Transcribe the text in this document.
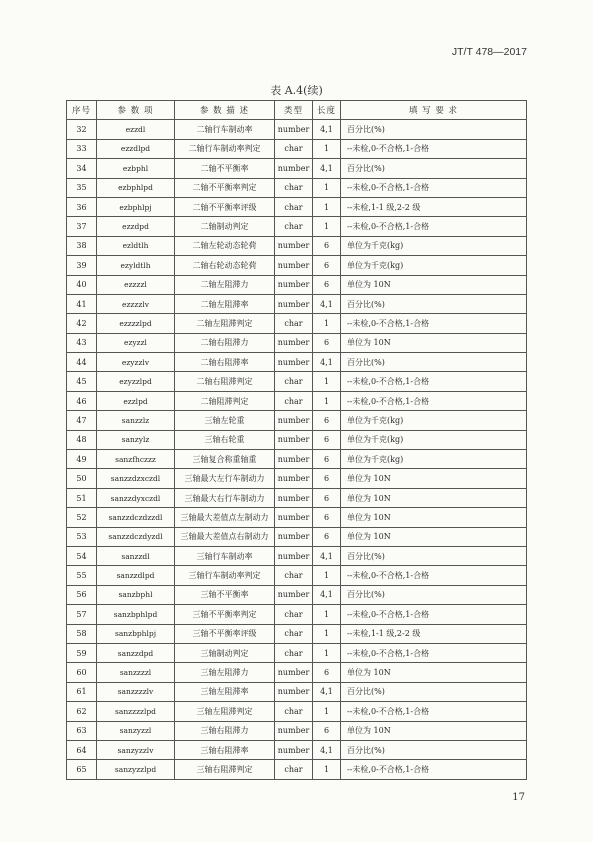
JT/T 478—2017
表 A.4(续)
序号	参 数 项	参 数 描 述	类型	长度	填 写 要 求
32	ezzdl	二轴行车制动率	number	4,1	百分比(%)
33	ezzdlpd	二轴行车制动率判定	char	1	--未检,0-不合格,1-合格
34	ezbphl	二轴不平衡率	number	4,1	百分比(%)
35	ezbphlpd	二轴不平衡率判定	char	1	--未检,0-不合格,1-合格
36	ezbphlpj	二轴不平衡率评级	char	1	--未检,1-1 级,2-2 级
37	ezzdpd	二轴制动判定	char	1	--未检,0-不合格,1-合格
38	ezldtlh	二轴左轮动态轮荷	number	6	单位为千克(kg)
39	ezyldtlh	二轴右轮动态轮荷	number	6	单位为千克(kg)
40	ezzzzl	二轴左阻滞力	number	6	单位为 10N
41	ezzzzlv	二轴左阻滞率	number	4,1	百分比(%)
42	ezzzzlpd	二轴左阻滞判定	char	1	--未检,0-不合格,1-合格
43	ezyzzl	二轴右阻滞力	number	6	单位为 10N
44	ezyzzlv	二轴右阻滞率	number	4,1	百分比(%)
45	ezyzzlpd	二轴右阻滞判定	char	1	--未检,0-不合格,1-合格
46	ezzlpd	二轴阻滞判定	char	1	--未检,0-不合格,1-合格
47	sanzzlz	三轴左轮重	number	6	单位为千克(kg)
48	sanzylz	三轴右轮重	number	6	单位为千克(kg)
49	sanzfhczzz	三轴复合称重轴重	number	6	单位为千克(kg)
50	sanzzdzxczdl	三轴最大左行车制动力	number	6	单位为 10N
51	sanzzdyxczdl	三轴最大右行车制动力	number	6	单位为 10N
52	sanzzdczdzzdl	三轴最大差值点左制动力	number	6	单位为 10N
53	sanzzdczdyzdl	三轴最大差值点右制动力	number	6	单位为 10N
54	sanzzdl	三轴行车制动率	number	4,1	百分比(%)
55	sanzzdlpd	三轴行车制动率判定	char	1	--未检,0-不合格,1-合格
56	sanzbphl	三轴不平衡率	number	4,1	百分比(%)
57	sanzbphlpd	三轴不平衡率判定	char	1	--未检,0-不合格,1-合格
58	sanzbphlpj	三轴不平衡率评级	char	1	--未检,1-1 级,2-2 级
59	sanzzdpd	三轴制动判定	char	1	--未检,0-不合格,1-合格
60	sanzzzzl	三轴左阻滞力	number	6	单位为 10N
61	sanzzzzlv	三轴左阻滞率	number	4,1	百分比(%)
62	sanzzzzlpd	三轴左阻滞判定	char	1	--未检,0-不合格,1-合格
63	sanzyzzl	三轴右阻滞力	number	6	单位为 10N
64	sanzyzzlv	三轴右阻滞率	number	4,1	百分比(%)
65	sanzyzzlpd	三轴右阻滞判定	char	1	--未检,0-不合格,1-合格
17
